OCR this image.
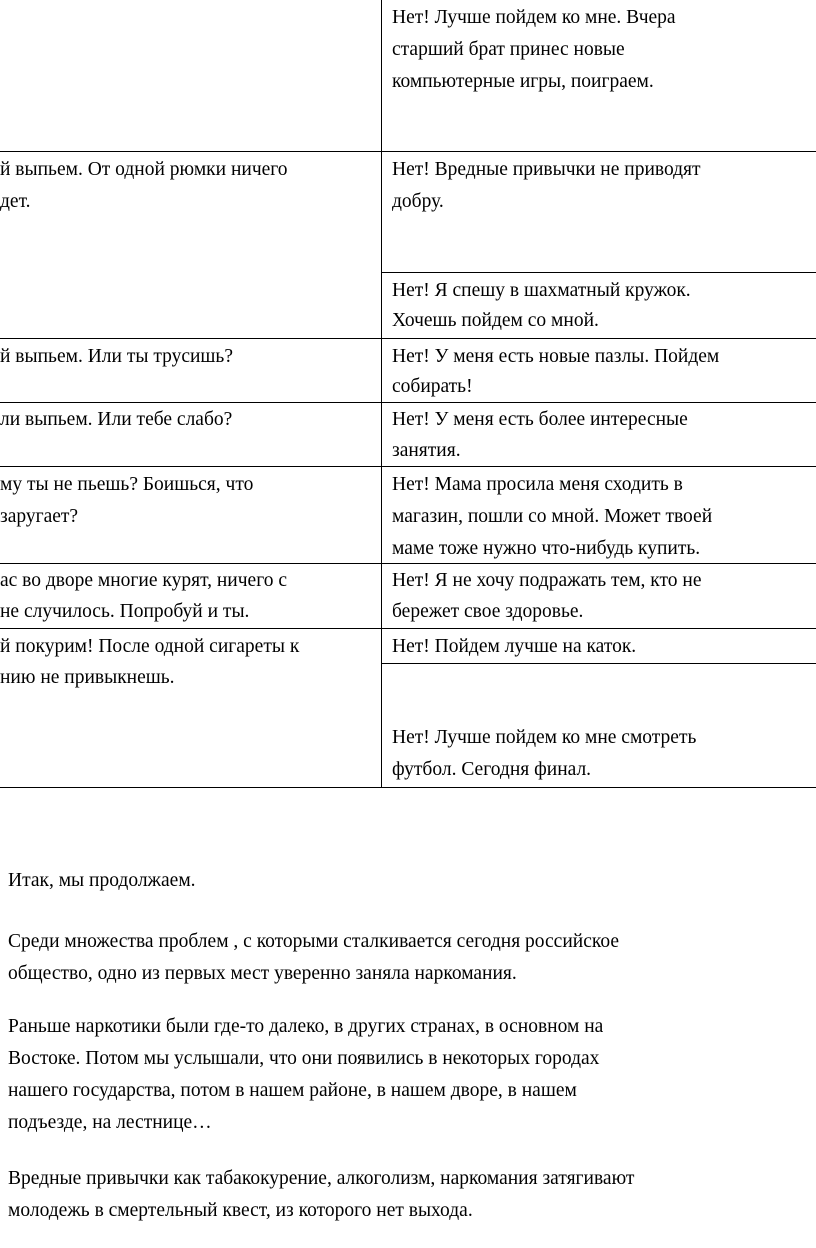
Нет! Лучше пойдем ко мне. Вчера

старший брат принес новые

компьютерные игры, поиграем.

й выпьем. От одной рюмки ничего

дет.

Нет! Вредные привычки не приводят

добру.

Нет! Я спешу в шахматный кружок.

Хочешь пойдем со мной.

й выпьем. Или ты трусишь?	Нет! У меня есть новые пазлы. Пойдем

собирать!

ли выпьем. Или тебе слабо?	Нет! У меня есть более интересные

занятия.

му ты не пьешь? Боишься, что

заругает?

Нет! Мама просила меня сходить в

магазин, пошли со мной. Может твоей

маме тоже нужно что-нибудь купить.

ас во дворе многие курят, ничего с

не случилось. Попробуй и ты.

Нет! Я не хочу подражать тем, кто не

бережет свое здоровье.

й покурим! После одной сигареты к

нию не привыкнешь.

Нет! Пойдем лучше на каток.

Нет! Лучше пойдем ко мне смотреть

футбол. Сегодня финал.

Итак, мы продолжаем.

Среди множества проблем , с которыми сталкивается сегодня российское

общество, одно из первых мест уверенно заняла наркомания.

Раньше наркотики были где-то далеко, в других странах, в основном на

Востоке. Потом мы услышали, что они появились в некоторых городах

нашего государства, потом в нашем районе, в нашем дворе, в нашем

подъезде, на лестнице…

Вредные привычки как табакокурение, алкоголизм, наркомания затягивают

молодежь в смертельный квест, из которого нет выхода.
